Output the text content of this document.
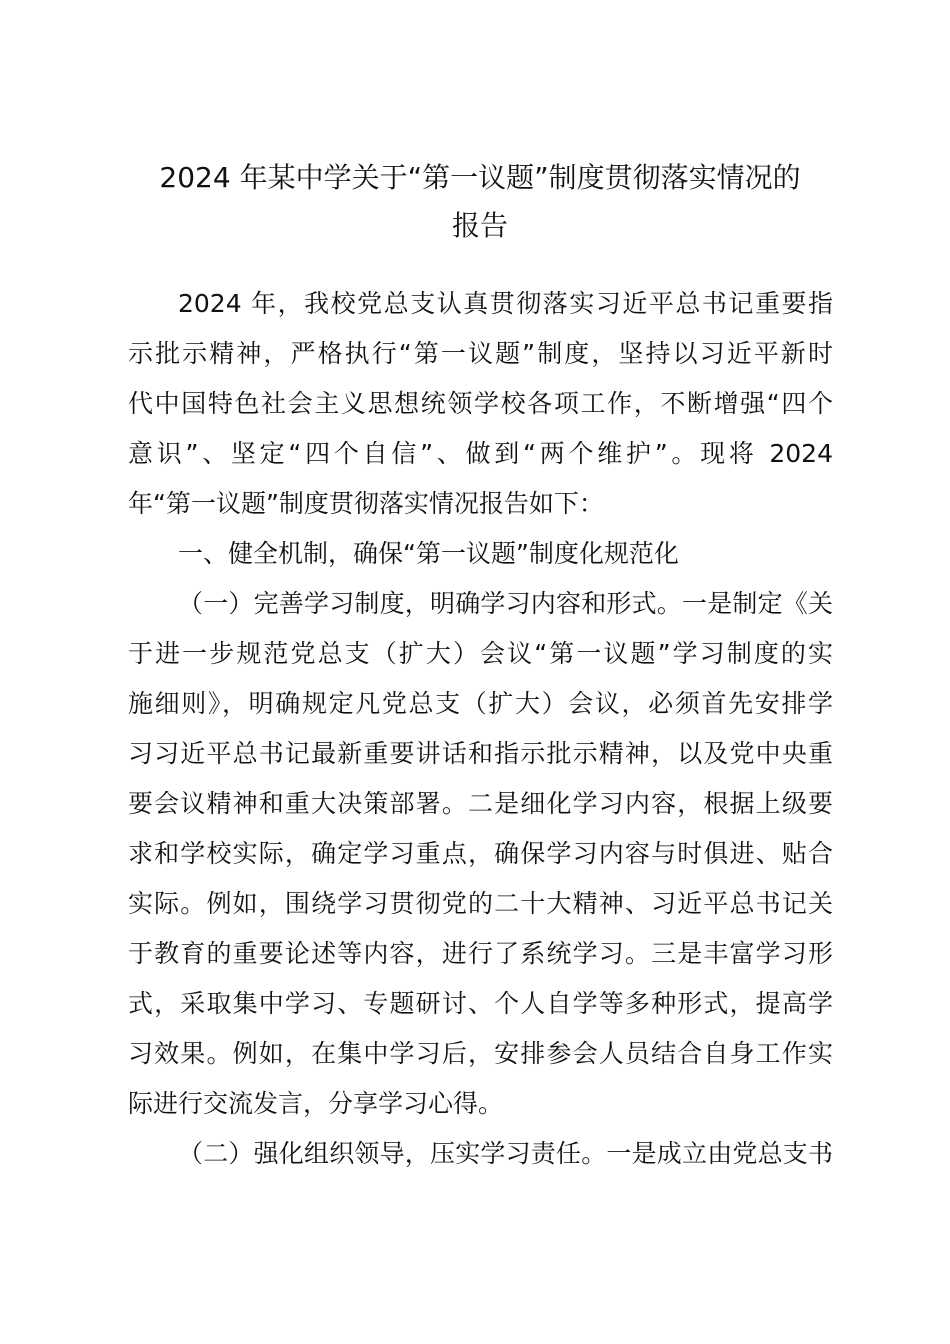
2024 年某中学关于“第一议题”制度贯彻落实情况的
报告
2024 年，我校党总支认真贯彻落实习近平总书记重要指
示批示精神，严格执行“第一议题”制度，坚持以习近平新时
代中国特色社会主义思想统领学校各项工作，不断增强“四个
意识”、坚定“四个自信”、做到“两个维护”。现将 2024
年“第一议题”制度贯彻落实情况报告如下：
一、健全机制，确保“第一议题”制度化规范化
（一）完善学习制度，明确学习内容和形式。一是制定《关
于进一步规范党总支（扩大）会议“第一议题”学习制度的实
施细则》，明确规定凡党总支（扩大）会议，必须首先安排学
习习近平总书记最新重要讲话和指示批示精神，以及党中央重
要会议精神和重大决策部署。二是细化学习内容，根据上级要
求和学校实际，确定学习重点，确保学习内容与时俱进、贴合
实际。例如，围绕学习贯彻党的二十大精神、习近平总书记关
于教育的重要论述等内容，进行了系统学习。三是丰富学习形
式，采取集中学习、专题研讨、个人自学等多种形式，提高学
习效果。例如，在集中学习后，安排参会人员结合自身工作实
际进行交流发言，分享学习心得。
（二）强化组织领导，压实学习责任。一是成立由党总支书
